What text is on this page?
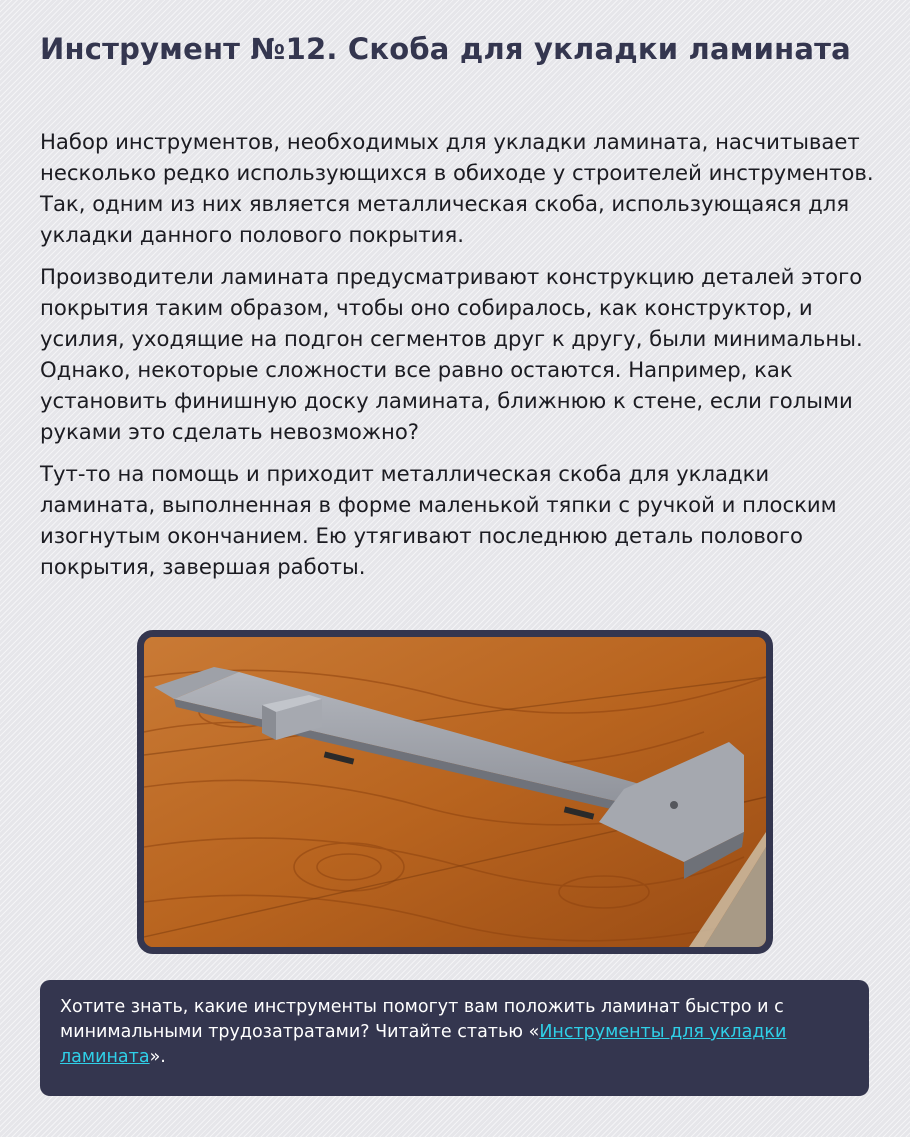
Инструмент №12. Скоба для укладки ламината

Набор инструментов, необходимых для укладки ламината, насчитывает несколько редко использующихся в обиходе у строителей инструментов. Так, одним из них является металлическая скоба, использующаяся для укладки данного полового покрытия.

Производители ламината предусматривают конструкцию деталей этого покрытия таким образом, чтобы оно собиралось, как конструктор, и усилия, уходящие на подгон сегментов друг к другу, были минимальны. Однако, некоторые сложности все равно остаются. Например, как установить финишную доску ламината, ближнюю к стене, если голыми руками это сделать невозможно?

Тут-то на помощь и приходит металлическая скоба для укладки ламината, выполненная в форме маленькой тяпки с ручкой и плоским изогнутым окончанием. Ею утягивают последнюю деталь полового покрытия, завершая работы.

Хотите знать, какие инструменты помогут вам положить ламинат быстро и с минимальными трудозатратами? Читайте статью «Инструменты для укладки ламината».
